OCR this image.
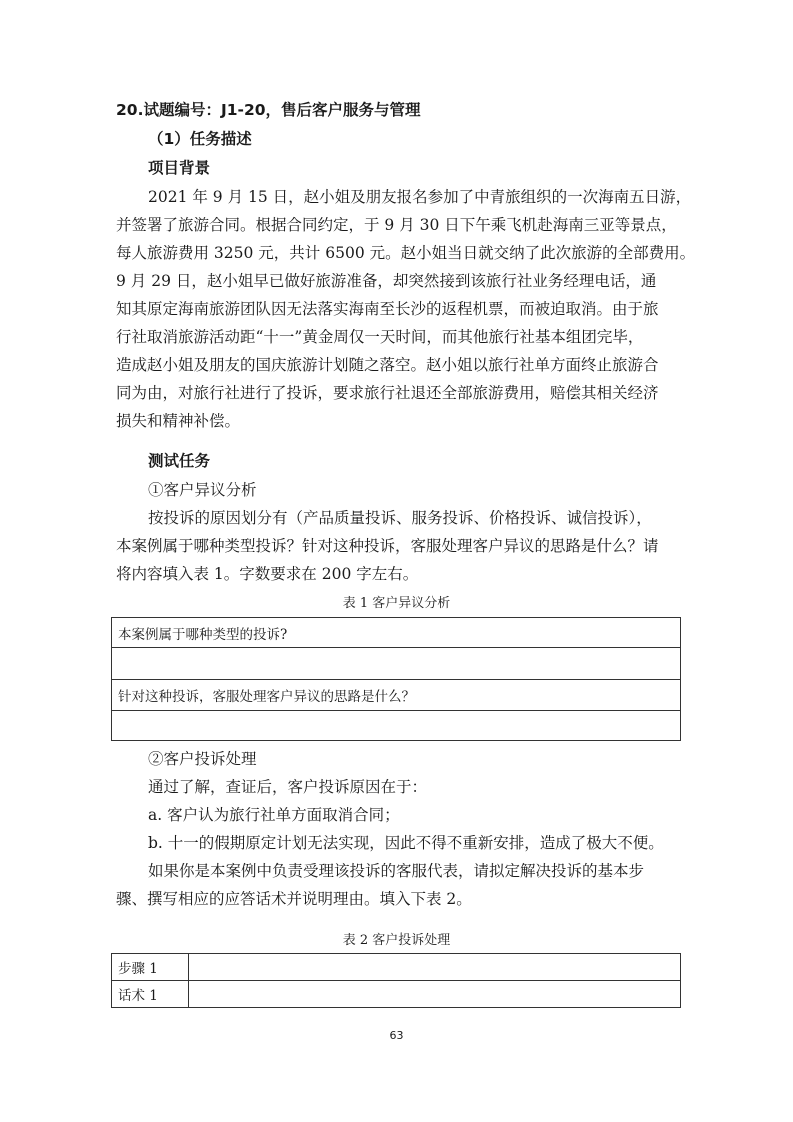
20.试题编号：J1-20，售后客户服务与管理
（1）任务描述
项目背景
2021 年 9 月 15 日，赵小姐及朋友报名参加了中青旅组织的一次海南五日游，
并签署了旅游合同。根据合同约定，于 9 月 30 日下午乘飞机赴海南三亚等景点，
每人旅游费用 3250 元，共计 6500 元。赵小姐当日就交纳了此次旅游的全部费用。
9 月 29 日，赵小姐早已做好旅游准备，却突然接到该旅行社业务经理电话，通
知其原定海南旅游团队因无法落实海南至长沙的返程机票，而被迫取消。由于旅
行社取消旅游活动距“十一”黄金周仅一天时间，而其他旅行社基本组团完毕，
造成赵小姐及朋友的国庆旅游计划随之落空。赵小姐以旅行社单方面终止旅游合
同为由，对旅行社进行了投诉，要求旅行社退还全部旅游费用，赔偿其相关经济
损失和精神补偿。
测试任务
①客户异议分析
按投诉的原因划分有（产品质量投诉、服务投诉、价格投诉、诚信投诉），
本案例属于哪种类型投诉？针对这种投诉，客服处理客户异议的思路是什么？请
将内容填入表 1。字数要求在 200 字左右。
表 1 客户异议分析
本案例属于哪种类型的投诉?

针对这种投诉，客服处理客户异议的思路是什么？

②客户投诉处理
通过了解，查证后，客户投诉原因在于：
a. 客户认为旅行社单方面取消合同；
b. 十一的假期原定计划无法实现，因此不得不重新安排，造成了极大不便。
如果你是本案例中负责受理该投诉的客服代表，请拟定解决投诉的基本步
骤、撰写相应的应答话术并说明理由。填入下表 2。
表 2 客户投诉处理
步骤 1	
话术 1	
63
